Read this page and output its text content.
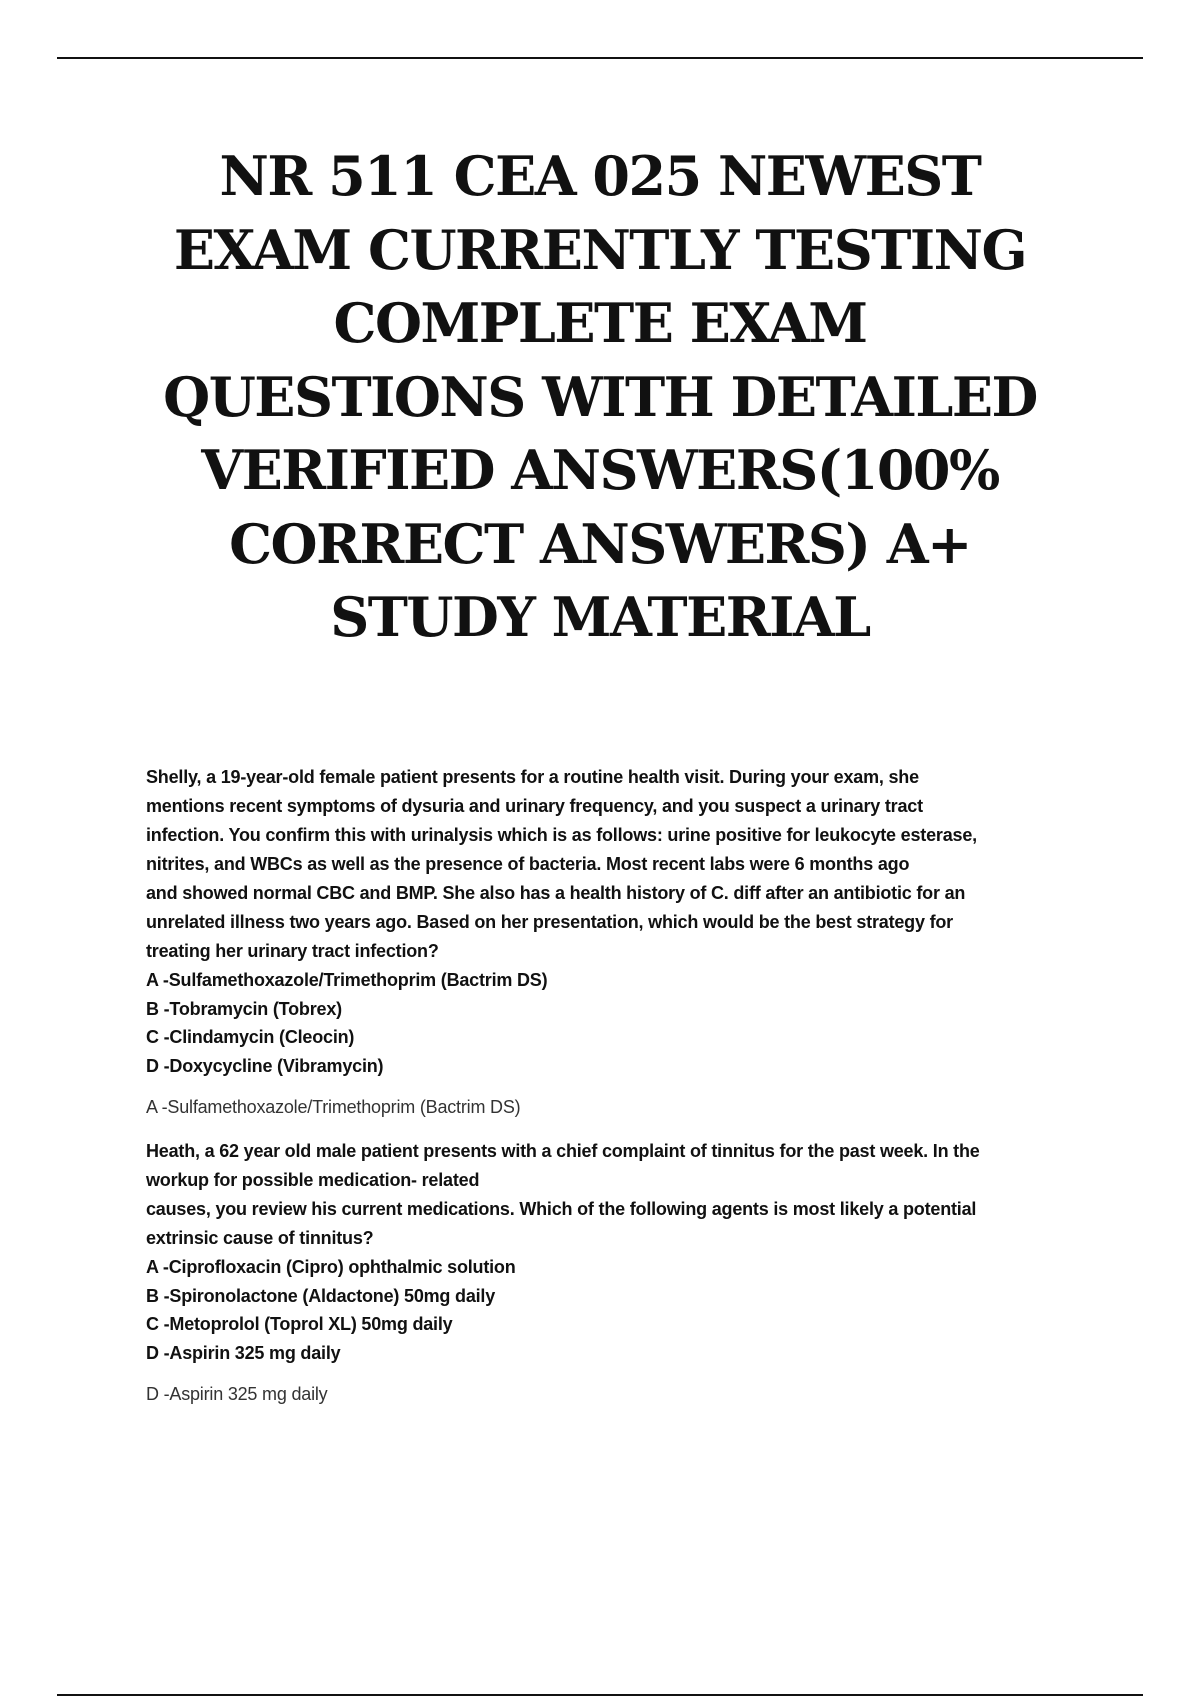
NR 511 CEA 025 NEWEST
EXAM CURRENTLY TESTING
COMPLETE EXAM
QUESTIONS WITH DETAILED
VERIFIED ANSWERS(100%
CORRECT ANSWERS) A+
STUDY MATERIAL

Shelly, a 19-year-old female patient presents for a routine health visit. During your exam, she
mentions recent symptoms of dysuria and urinary frequency, and you suspect a urinary tract
infection. You confirm this with urinalysis which is as follows: urine positive for leukocyte esterase,
nitrites, and WBCs as well as the presence of bacteria. Most recent labs were 6 months ago
and showed normal CBC and BMP. She also has a health history of C. diff after an antibiotic for an
unrelated illness two years ago. Based on her presentation, which would be the best strategy for
treating her urinary tract infection?

A -Sulfamethoxazole/Trimethoprim (Bactrim DS)
B -Tobramycin (Tobrex)
C -Clindamycin (Cleocin)
D -Doxycycline (Vibramycin)

A -Sulfamethoxazole/Trimethoprim (Bactrim DS)

Heath, a 62 year old male patient presents with a chief complaint of tinnitus for the past week. In the
workup for possible medication- related
causes, you review his current medications. Which of the following agents is most likely a potential
extrinsic cause of tinnitus?

A -Ciprofloxacin (Cipro) ophthalmic solution
B -Spironolactone (Aldactone) 50mg daily
C -Metoprolol (Toprol XL) 50mg daily
D -Aspirin 325 mg daily

D -Aspirin 325 mg daily
